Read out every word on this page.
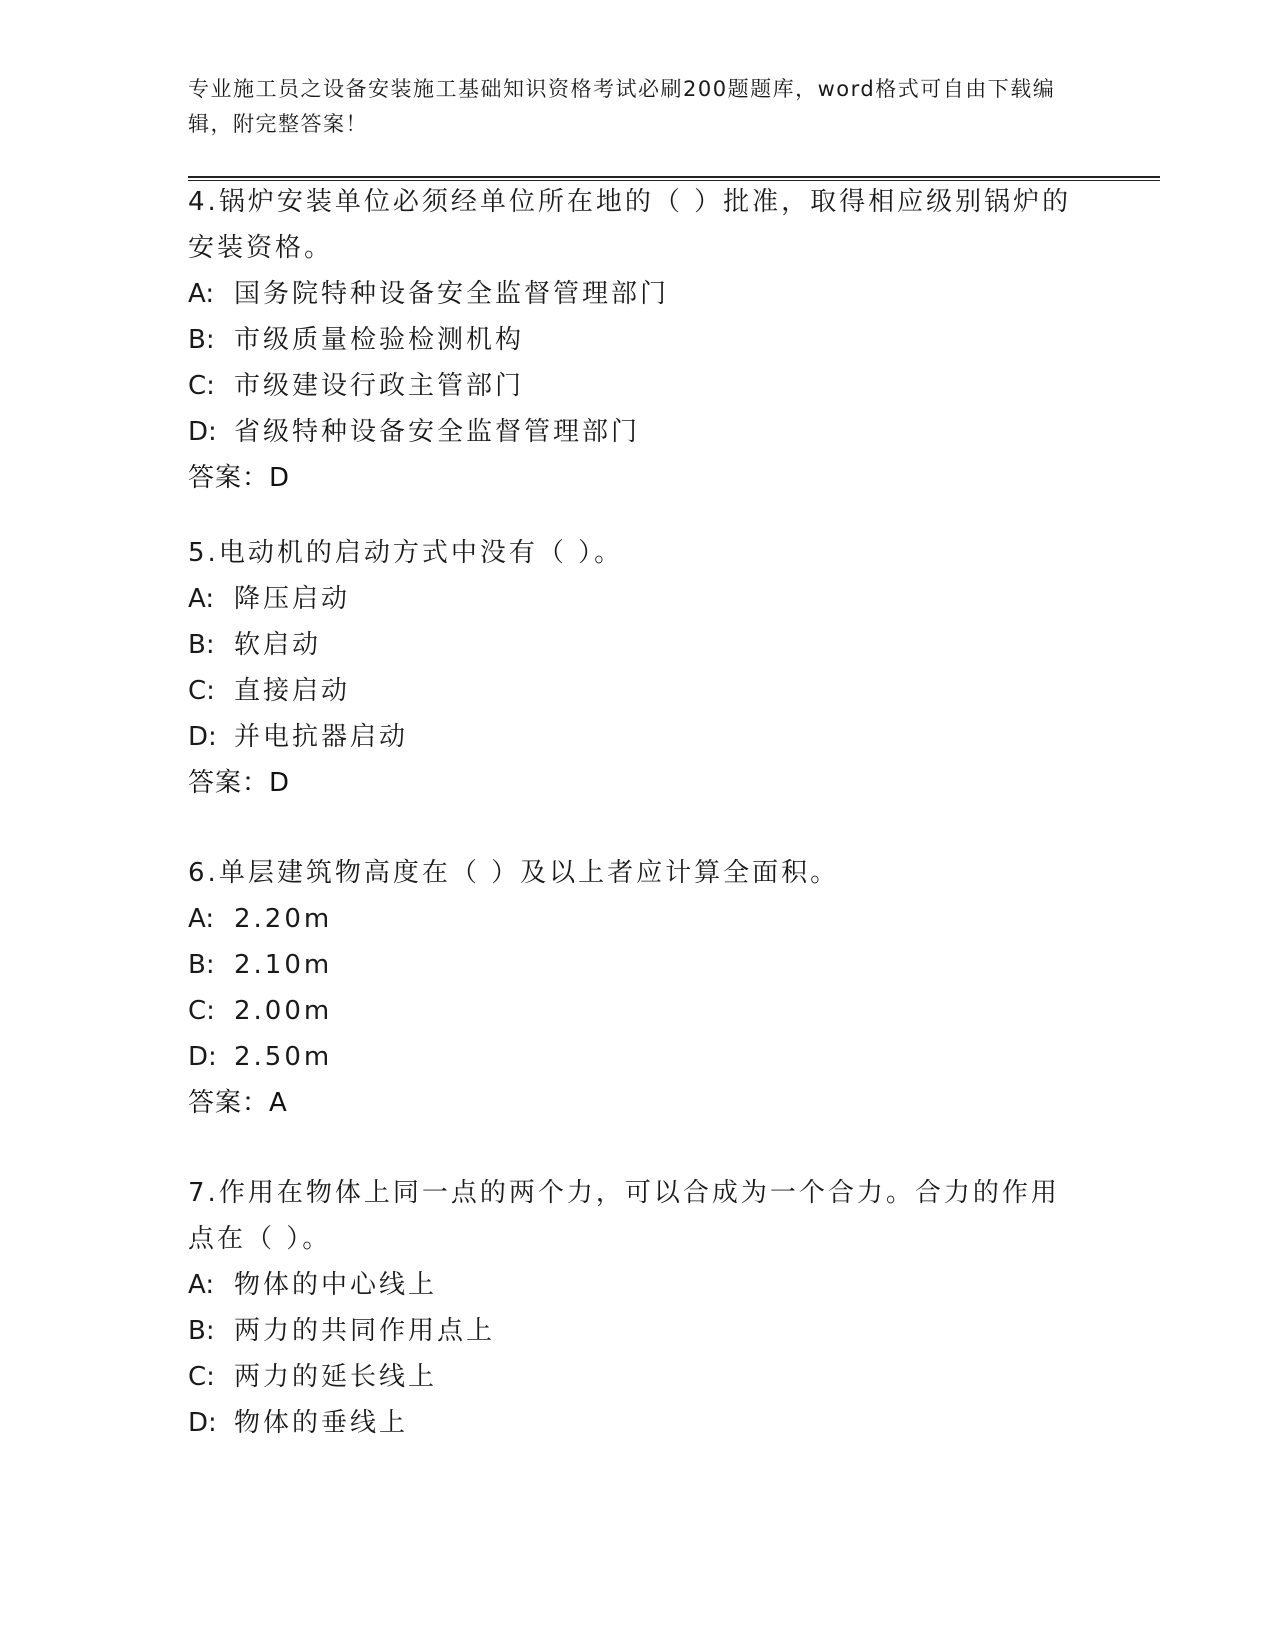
专业施工员之设备安装施工基础知识资格考试必刷200题题库，word格式可自由下载编辑，附完整答案！

4.锅炉安装单位必须经单位所在地的（ ）批准，取得相应级别锅炉的安装资格。

A: 国务院特种设备安全监督管理部门

B: 市级质量检验检测机构

C: 市级建设行政主管部门

D: 省级特种设备安全监督管理部门

答案：D

5.电动机的启动方式中没有（ ）。

A: 降压启动

B: 软启动

C: 直接启动

D: 并电抗器启动

答案：D

6.单层建筑物高度在（ ）及以上者应计算全面积。

A: 2.20m

B: 2.10m

C: 2.00m

D: 2.50m

答案：A

7.作用在物体上同一点的两个力，可以合成为一个合力。合力的作用点在（ ）。

A: 物体的中心线上

B: 两力的共同作用点上

C: 两力的延长线上

D: 物体的垂线上
